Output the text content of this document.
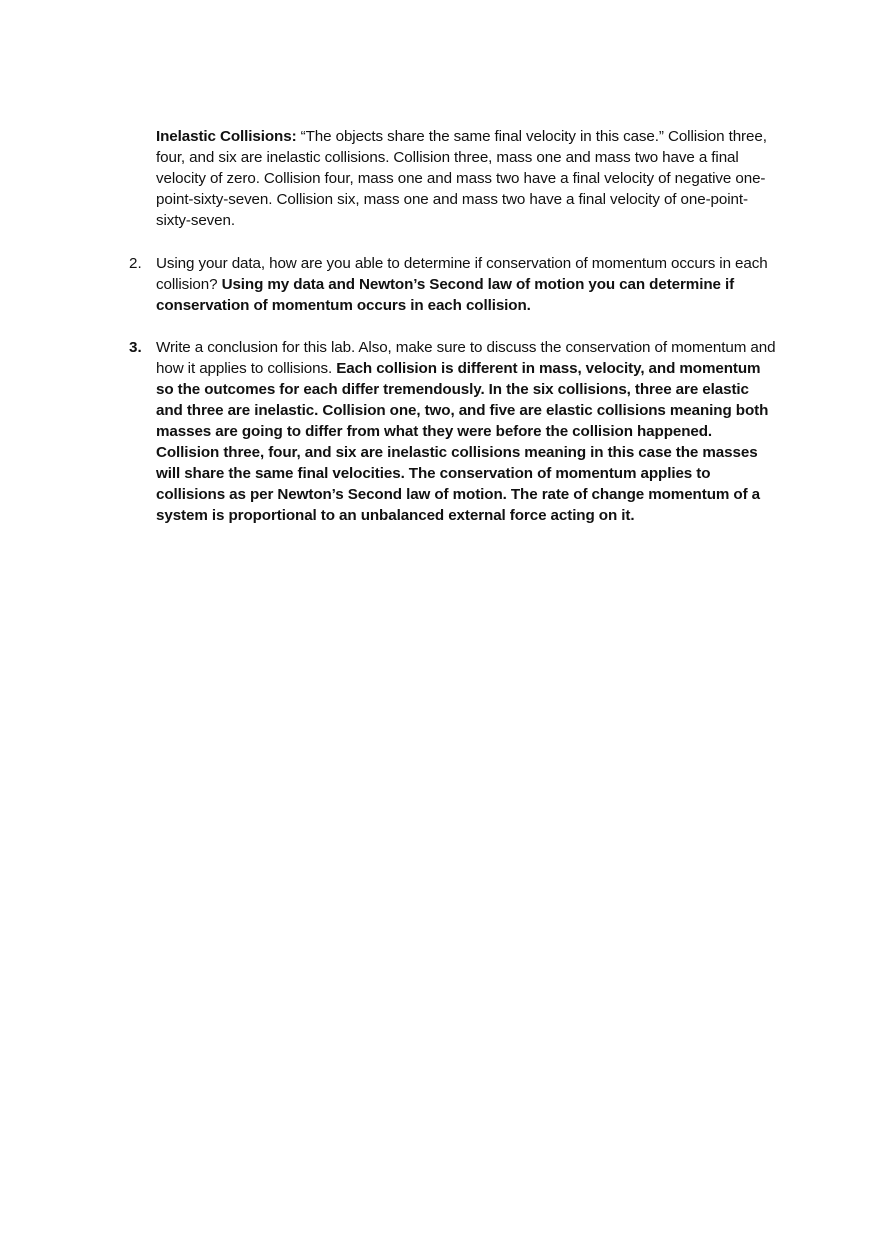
Inelastic Collisions: “The objects share the same final velocity in this case.” Collision three, four, and six are inelastic collisions. Collision three, mass one and mass two have a final velocity of zero. Collision four, mass one and mass two have a final velocity of negative one-point-sixty-seven. Collision six, mass one and mass two have a final velocity of one-point-sixty-seven.
2. Using your data, how are you able to determine if conservation of momentum occurs in each collision? Using my data and Newton’s Second law of motion you can determine if conservation of momentum occurs in each collision.
3. Write a conclusion for this lab. Also, make sure to discuss the conservation of momentum and how it applies to collisions. Each collision is different in mass, velocity, and momentum so the outcomes for each differ tremendously. In the six collisions, three are elastic and three are inelastic. Collision one, two, and five are elastic collisions meaning both masses are going to differ from what they were before the collision happened. Collision three, four, and six are inelastic collisions meaning in this case the masses will share the same final velocities. The conservation of momentum applies to collisions as per Newton’s Second law of motion. The rate of change momentum of a system is proportional to an unbalanced external force acting on it.
